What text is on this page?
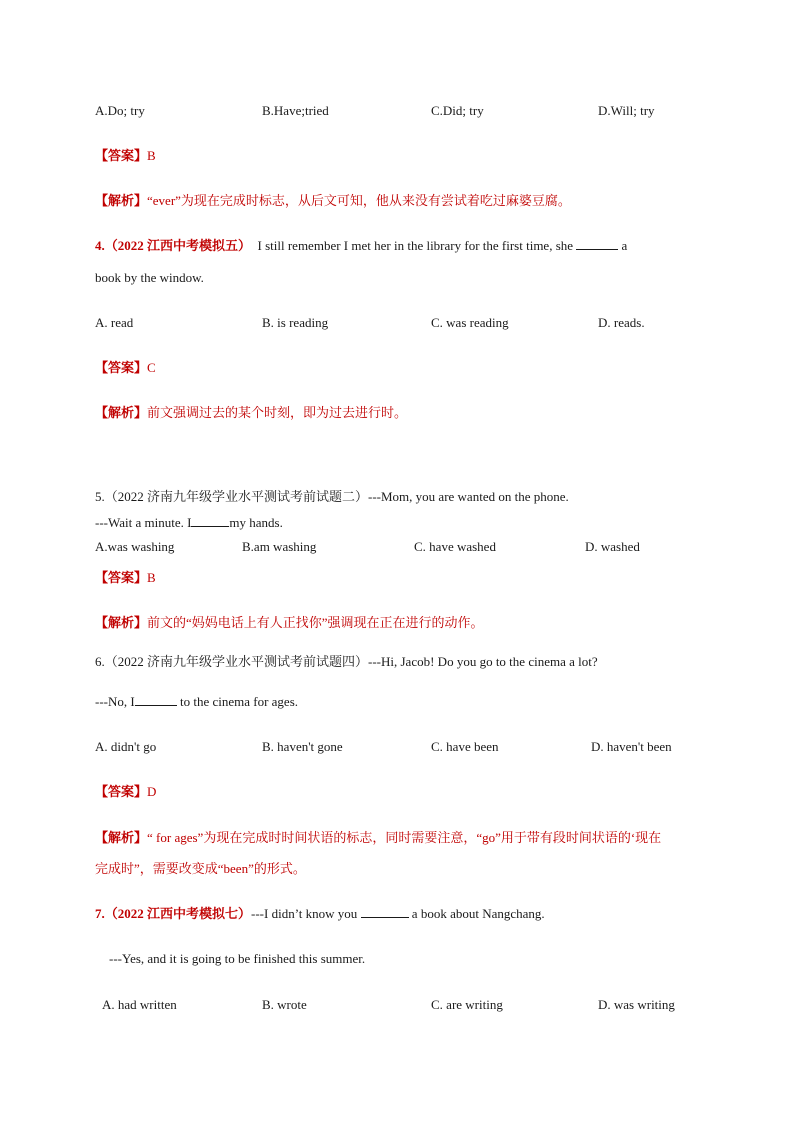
A.Do; try	B.Have;tried	C.Did; try	D.Will; try
【答案】B
【解析】“ever”为现在完成时标志，从后文可知，他从来没有尝试着吃过麻婆豆腐。
4.（2022 江西中考模拟五） I still remember I met her in the library for the first time, she	a
book by the window.
A. read	B. is reading	C. was reading	D. reads.
【答案】C
【解析】前文强调过去的某个时刻，即为过去进行时。
5.（2022 济南九年级学业水平测试考前试题二）---Mom, you are wanted on the phone.
---Wait a minute. I	my hands.
A.was washing	B.am washing	C. have washed	D. washed
【答案】B
【解析】前文的“妈妈电话上有人正找你”强调现在正在进行的动作。
6.（2022 济南九年级学业水平测试考前试题四）---Hi, Jacob! Do you go to the cinema a lot?
---No, I	to the cinema for ages.
A. didn't go	B. haven't gone	C. have been	D. haven't been
【答案】D
【解析】“ for ages”为现在完成时时间状语的标志，同时需要注意，“go”用于带有段时间状语的‘现在
完成时”，需要改变成“been”的形式。
7.（2022 江西中考模拟七）---I didn’t know you	a book about Nangchang.
---Yes, and it is going to be finished this summer.
A. had written	B. wrote	C. are writing	D. was writing
